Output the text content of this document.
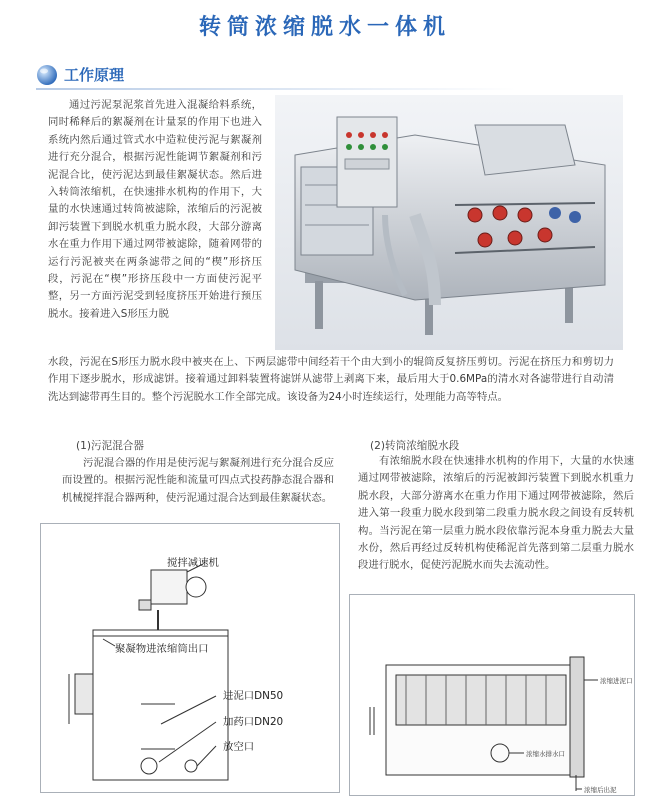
转筒浓缩脱水一体机
工作原理

通过污泥泵泥浆首先进入混凝给料系统，同时稀释后的絮凝剂在计量泵的作用下也进入系统内然后通过管式水中造粒使污泥与絮凝剂进行充分混合，根据污泥性能调节絮凝剂和污泥混合比，使污泥达到最佳絮凝状态。然后进入转筒浓缩机，在快速排水机构的作用下，大量的水快速通过转筒被滤除，浓缩后的污泥被卸污装置下到脱水机重力脱水段，大部分游离水在重力作用下通过网带被滤除，随着网带的运行污泥被夹在两条滤带之间的“楔”形挤压段，污泥在“楔”形挤压段中一方面使污泥平整，另一方面污泥受到轻度挤压开始进行预压脱水。接着进入S形压力脱

水段，污泥在S形压力脱水段中被夹在上、下两层滤带中间经若干个由大到小的辊筒反复挤压剪切。污泥在挤压力和剪切力作用下逐步脱水，形成滤饼。接着通过卸料装置将滤饼从滤带上剥离下来，最后用大于0.6MPa的清水对各滤带进行自动清洗达到滤带再生目的。整个污泥脱水工作全部完成。该设备为24小时连续运行，处理能力高等特点。

(1)污泥混合器

污泥混合器的作用是使污泥与絮凝剂进行充分混合反应而设置的。根据污泥性能和流量可四点式投药静态混合器和机械搅拌混合器两种，使污泥通过混合达到最佳絮凝状态。

(2)转筒浓缩脱水段

有浓缩脱水段在快速排水机构的作用下，大量的水快速通过网带被滤除，浓缩后的污泥被卸污装置下到脱水机重力脱水段，大部分游离水在重力作用下通过网带被滤除，然后进入第一段重力脱水段到第二段重力脱水段之间设有反转机构。当污泥在第一层重力脱水段依靠污泥本身重力脱去大量水份，然后再经过反转机构使稀泥首先落到第二层重力脱水段进行脱水，促使污泥脱水而失去流动性。

搅拌减速机
聚凝物进浓缩筒出口
进泥口DN50
加药口DN20
放空口
浓缩进泥口
浓缩水排水口
浓缩后出泥
